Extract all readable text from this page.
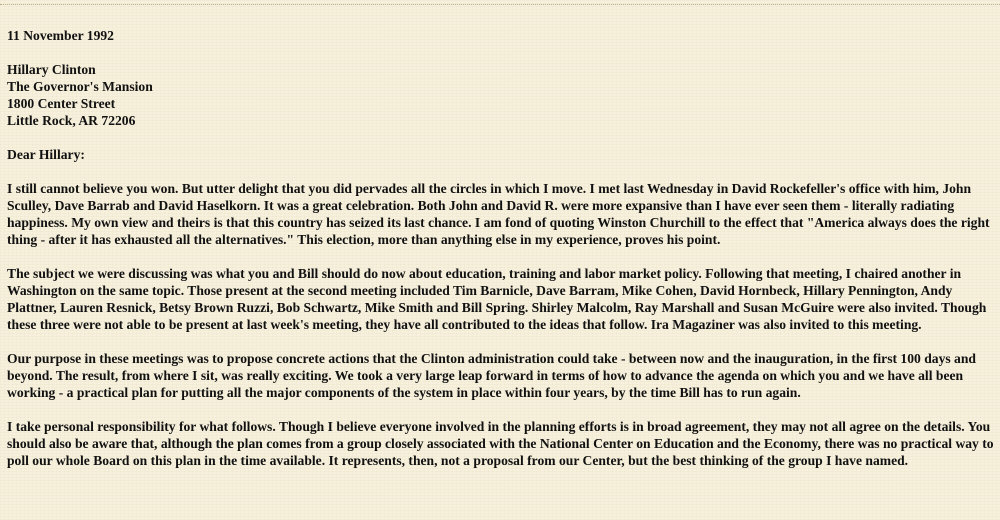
11 November 1992

Hillary Clinton
The Governor's Mansion
1800 Center Street
Little Rock, AR 72206

Dear Hillary:

I still cannot believe you won. But utter delight that you did pervades all the circles in which I move. I met last Wednesday in David Rockefeller's office with him, John Sculley, Dave Barrab and David Haselkorn. It was a great celebration. Both John and David R. were more expansive than I have ever seen them - literally radiating happiness. My own view and theirs is that this country has seized its last chance. I am fond of quoting Winston Churchill to the effect that "America always does the right thing - after it has exhausted all the alternatives." This election, more than anything else in my experience, proves his point.

The subject we were discussing was what you and Bill should do now about education, training and labor market policy. Following that meeting, I chaired another in Washington on the same topic. Those present at the second meeting included Tim Barnicle, Dave Barram, Mike Cohen, David Hornbeck, Hillary Pennington, Andy Plattner, Lauren Resnick, Betsy Brown Ruzzi, Bob Schwartz, Mike Smith and Bill Spring. Shirley Malcolm, Ray Marshall and Susan McGuire were also invited. Though these three were not able to be present at last week's meeting, they have all contributed to the ideas that follow. Ira Magaziner was also invited to this meeting.

Our purpose in these meetings was to propose concrete actions that the Clinton administration could take - between now and the inauguration, in the first 100 days and beyond. The result, from where I sit, was really exciting. We took a very large leap forward in terms of how to advance the agenda on which you and we have all been working - a practical plan for putting all the major components of the system in place within four years, by the time Bill has to run again.

I take personal responsibility for what follows. Though I believe everyone involved in the planning efforts is in broad agreement, they may not all agree on the details. You should also be aware that, although the plan comes from a group closely associated with the National Center on Education and the Economy, there was no practical way to poll our whole Board on this plan in the time available. It represents, then, not a proposal from our Center, but the best thinking of the group I have named.
